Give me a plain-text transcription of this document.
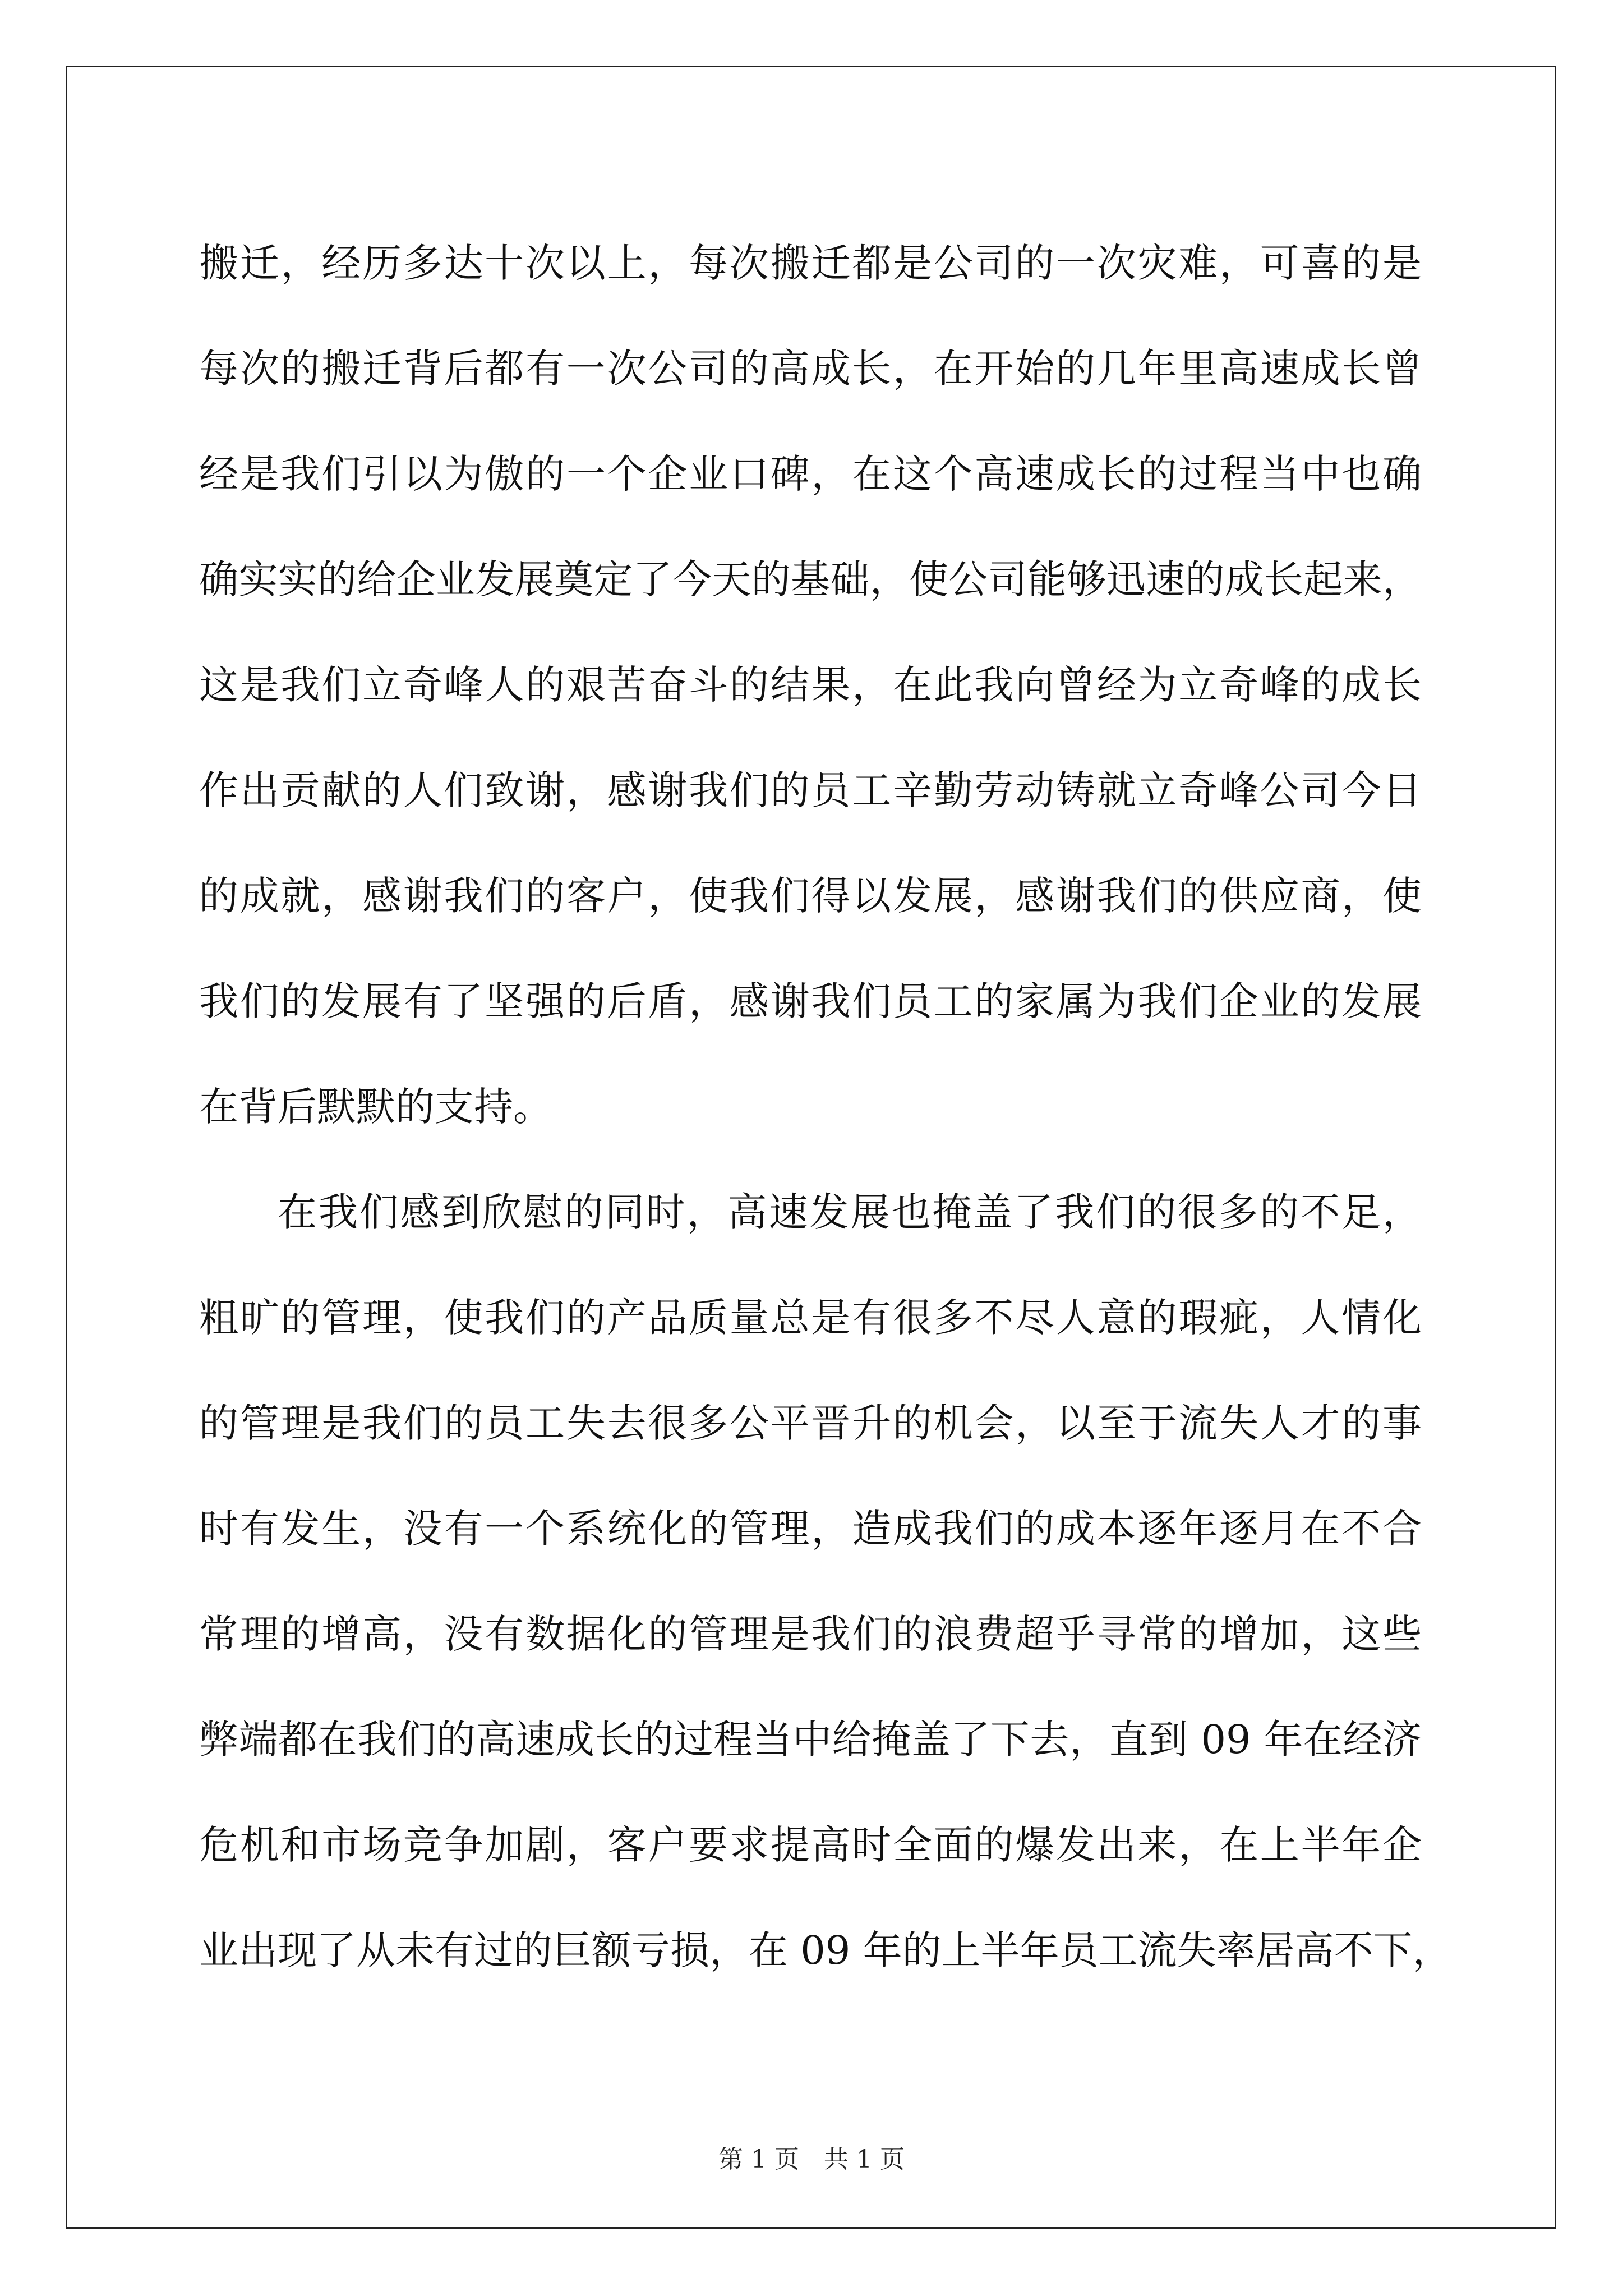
搬迁，经历多达十次以上，每次搬迁都是公司的一次灾难，可喜的是
每次的搬迁背后都有一次公司的高成长，在开始的几年里高速成长曾
经是我们引以为傲的一个企业口碑，在这个高速成长的过程当中也确
确实实的给企业发展奠定了今天的基础，使公司能够迅速的成长起来，
这是我们立奇峰人的艰苦奋斗的结果，在此我向曾经为立奇峰的成长
作出贡献的人们致谢，感谢我们的员工辛勤劳动铸就立奇峰公司今日
的成就，感谢我们的客户，使我们得以发展，感谢我们的供应商，使
我们的发展有了坚强的后盾，感谢我们员工的家属为我们企业的发展
在背后默默的支持。
在我们感到欣慰的同时，高速发展也掩盖了我们的很多的不足，
粗旷的管理，使我们的产品质量总是有很多不尽人意的瑕疵，人情化
的管理是我们的员工失去很多公平晋升的机会，以至于流失人才的事
时有发生，没有一个系统化的管理，造成我们的成本逐年逐月在不合
常理的增高，没有数据化的管理是我们的浪费超乎寻常的增加，这些
弊端都在我们的高速成长的过程当中给掩盖了下去，直到 09 年在经济
危机和市场竞争加剧，客户要求提高时全面的爆发出来，在上半年企
业出现了从未有过的巨额亏损，在 09 年的上半年员工流失率居高不下，
第 1 页 共 1 页
